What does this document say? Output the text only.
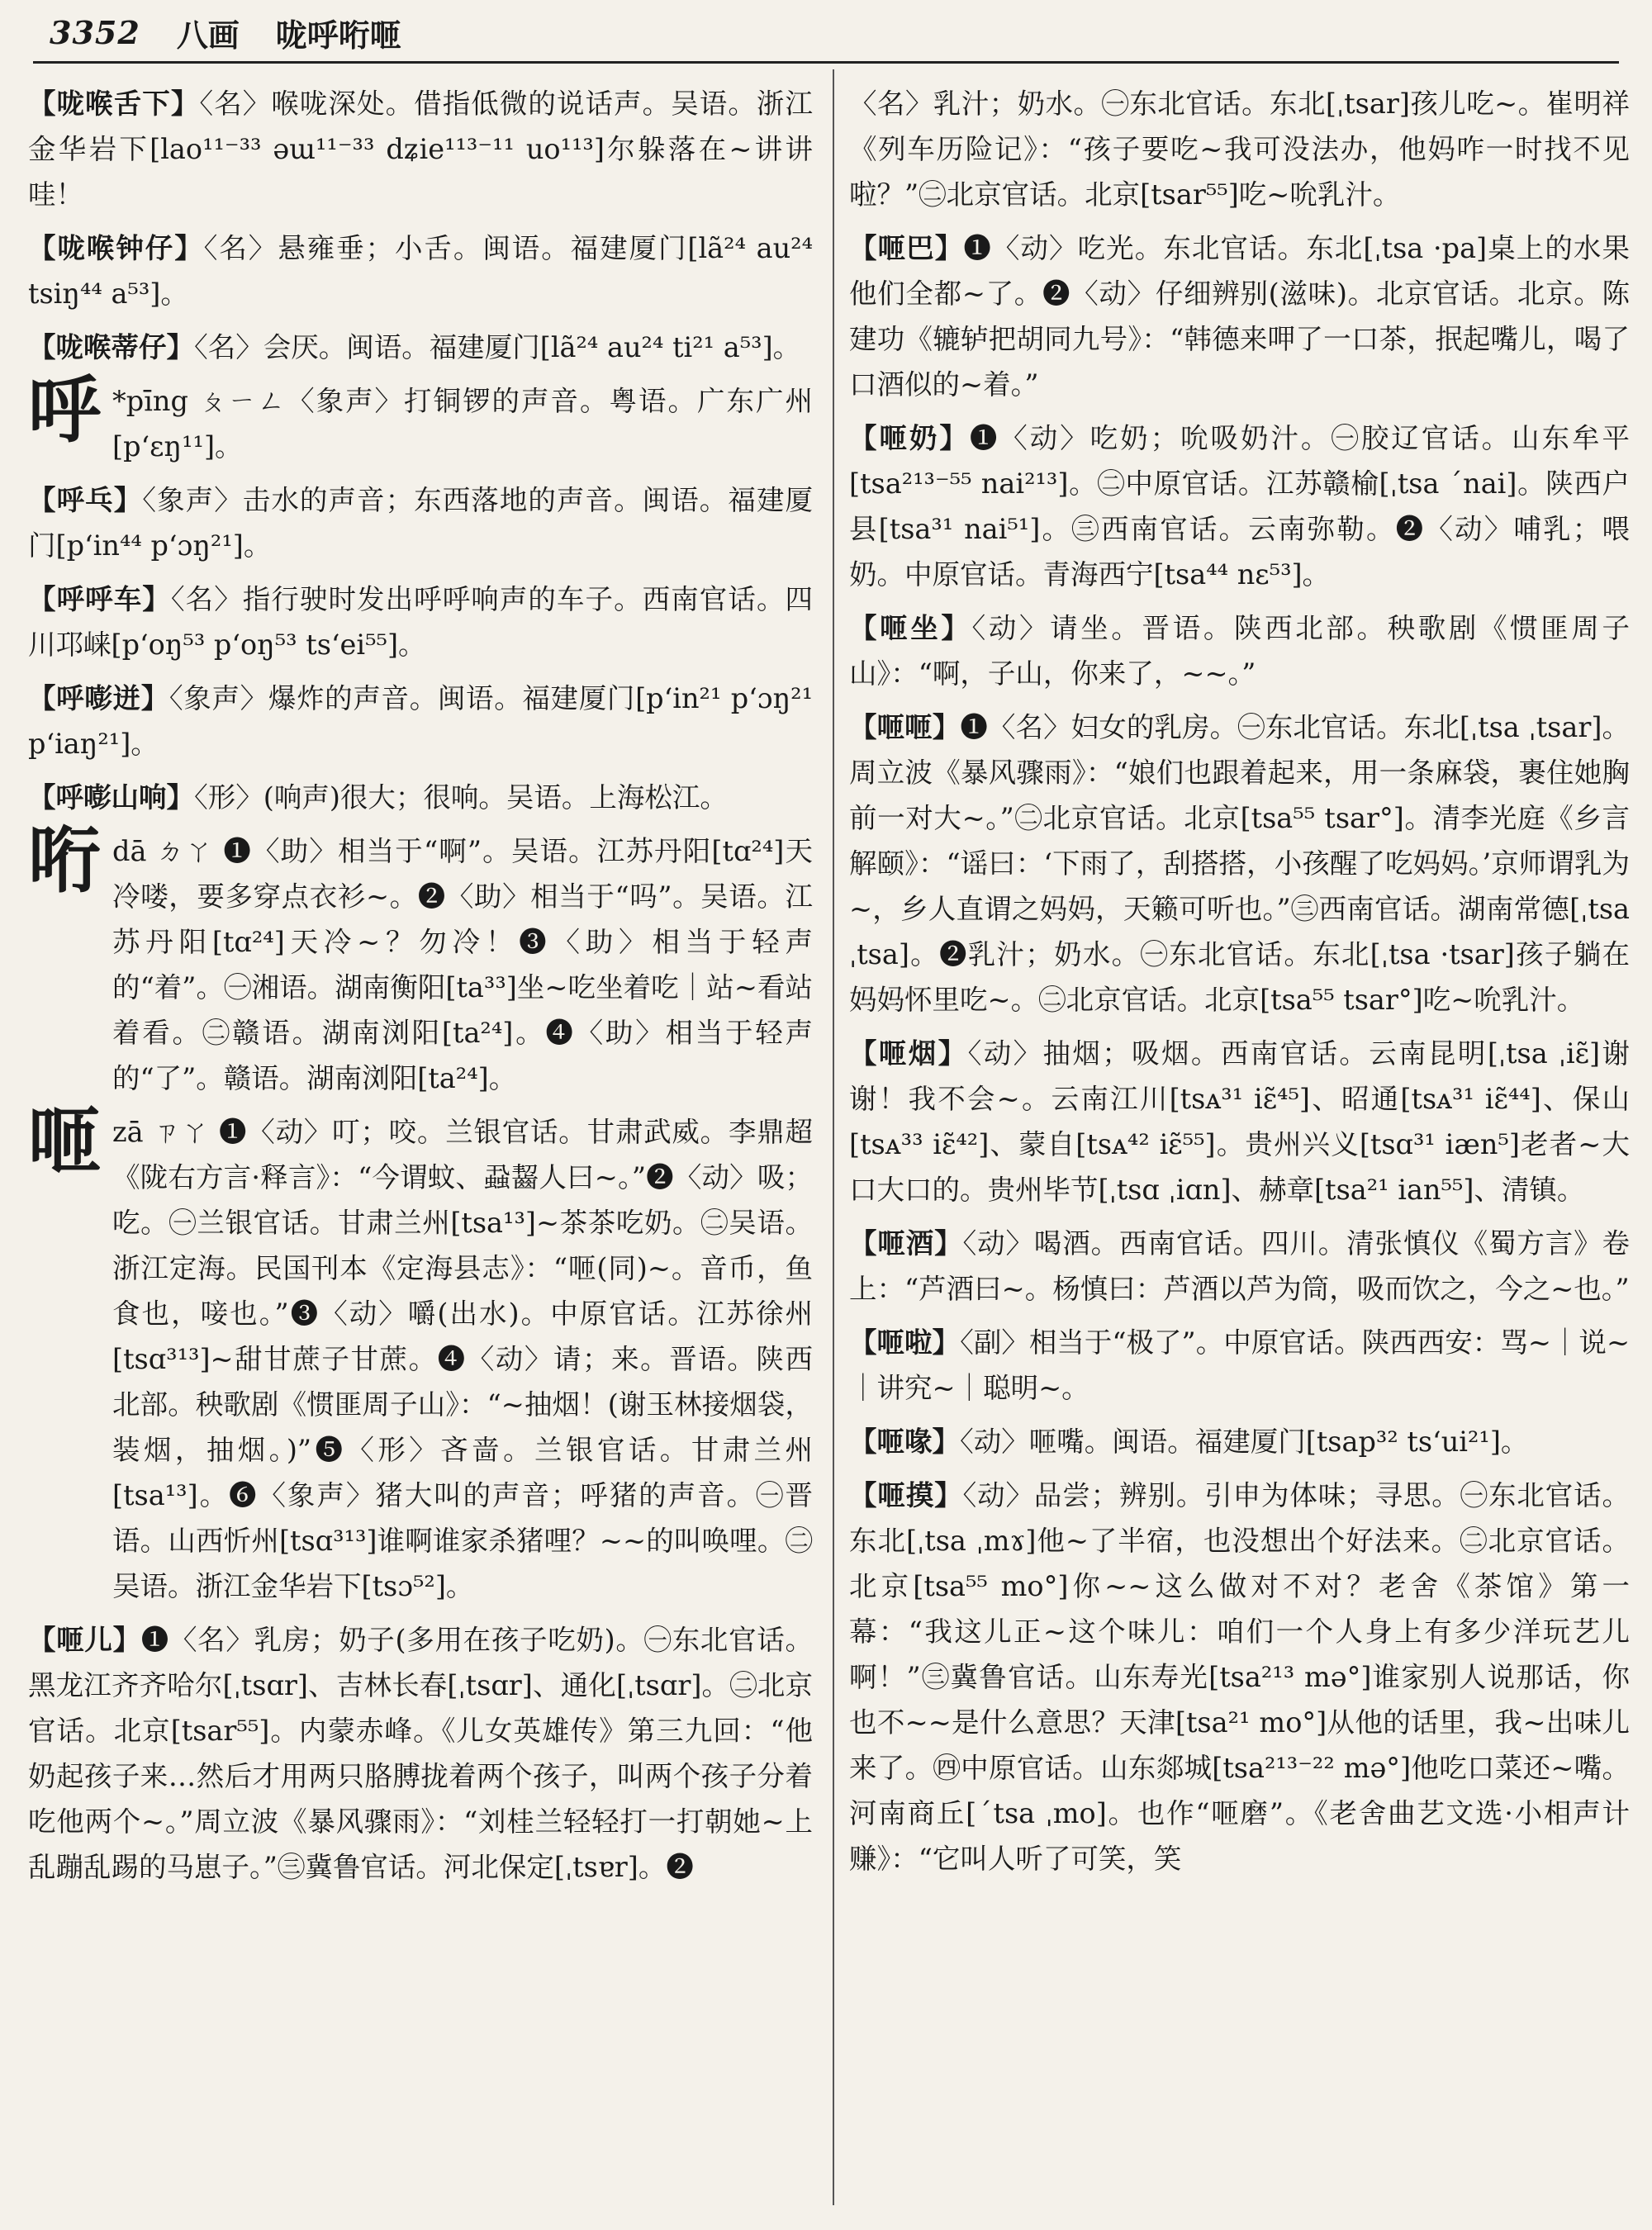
3352 八画 咙呼哘咂
【咙喉舌下】〈名〉喉咙深处。借指低微的说话声。吴语。浙江金华岩下[lao¹¹⁻³³ əɯ¹¹⁻³³ dʑie¹¹³⁻¹¹ uo¹¹³]尔躲落在~讲讲哇！
【咙喉钟仔】〈名〉悬雍垂；小舌。闽语。福建厦门[lã²⁴ au²⁴ tsiŋ⁴⁴ a⁵³]。
【咙喉蒂仔】〈名〉会厌。闽语。福建厦门[lã²⁴ au²⁴ ti²¹ a⁵³]。
呼 *pīng ㄆㄧㄥ〈象声〉打铜锣的声音。粤语。广东广州[pʻɛŋ¹¹]。
【呼乓】〈象声〉击水的声音；东西落地的声音。闽语。福建厦门[pʻin⁴⁴ pʻɔŋ²¹]。
【呼呼车】〈名〉指行驶时发出呼呼响声的车子。西南官话。四川邛崃[pʻoŋ⁵³ pʻoŋ⁵³ tsʻei⁵⁵]。
【呼嘭迸】〈象声〉爆炸的声音。闽语。福建厦门[pʻin²¹ pʻɔŋ²¹ pʻiaŋ²¹]。
【呼嘭山响】〈形〉(响声)很大；很响。吴语。上海松江。
哘 dā ㄉㄚ ❶〈助〉相当于“啊”。吴语。江苏丹阳[tɑ²⁴]天冷喽，要多穿点衣衫~。❷〈助〉相当于“吗”。吴语。江苏丹阳[tɑ²⁴]天冷~？勿冷！❸〈助〉相当于轻声的“着”。㊀湘语。湖南衡阳[ta³³]坐~吃坐着吃｜站~看站着看。㊁赣语。湖南浏阳[ta²⁴]。❹〈助〉相当于轻声的“了”。赣语。湖南浏阳[ta²⁴]。
咂 zā ㄗㄚ ❶〈动〉叮；咬。兰银官话。甘肃武威。李鼎超《陇右方言·释言》：“今谓蚊、蝨齧人曰~。”❷〈动〉吸；吃。㊀兰银官话。甘肃兰州[tsa¹³]~茶茶吃奶。㊁吴语。浙江定海。民国刊本《定海县志》：“咂(同)~。音币，鱼食也，唼也。”❸〈动〉嚼(出水)。中原官话。江苏徐州[tsɑ³¹³]~甜甘蔗子甘蔗。❹〈动〉请；来。晋语。陕西北部。秧歌剧《惯匪周子山》：“~抽烟！(谢玉林接烟袋，装烟，抽烟。)”❺〈形〉吝啬。兰银官话。甘肃兰州[tsa¹³]。❻〈象声〉猪大叫的声音；呼猪的声音。㊀晋语。山西忻州[tsɑ³¹³]谁啊谁家杀猪哩？~~的叫唤哩。㊁吴语。浙江金华岩下[tsɔ⁵²]。
【咂儿】❶〈名〉乳房；奶子(多用在孩子吃奶)。㊀东北官话。黑龙江齐齐哈尔[ˌtsɑr]、吉林长春[ˌtsɑr]、通化[ˌtsɑr]。㊁北京官话。北京[tsar⁵⁵]。内蒙赤峰。《儿女英雄传》第三九回：“他奶起孩子来…然后才用两只胳膊拢着两个孩子，叫两个孩子分着吃他两个~。”周立波《暴风骤雨》：“刘桂兰轻轻打一打朝她~上乱蹦乱踢的马崽子。”㊂冀鲁官话。河北保定[ˌtsɐr]。❷
〈名〉乳汁；奶水。㊀东北官话。东北[ˌtsar]孩儿吃~。崔明祥《列车历险记》：“孩子要吃~我可没法办，他妈咋一时找不见啦？”㊁北京官话。北京[tsar⁵⁵]吃~吮乳汁。
【咂巴】❶〈动〉吃光。东北官话。东北[ˌtsa ·pa]桌上的水果他们全都~了。❷〈动〉仔细辨别(滋味)。北京官话。北京。陈建功《辘轳把胡同九号》：“韩德来呷了一口茶，抿起嘴儿，喝了口酒似的~着。”
【咂奶】❶〈动〉吃奶；吮吸奶汁。㊀胶辽官话。山东牟平[tsa²¹³⁻⁵⁵ nai²¹³]。㊁中原官话。江苏赣榆[ˌtsa ˊnai]。陕西户县[tsa³¹ nai⁵¹]。㊂西南官话。云南弥勒。❷〈动〉哺乳；喂奶。中原官话。青海西宁[tsa⁴⁴ nɛ⁵³]。
【咂坐】〈动〉请坐。晋语。陕西北部。秧歌剧《惯匪周子山》：“啊，子山，你来了，~~。”
【咂咂】❶〈名〉妇女的乳房。㊀东北官话。东北[ˌtsa ˌtsar]。周立波《暴风骤雨》：“娘们也跟着起来，用一条麻袋，裹住她胸前一对大~。”㊁北京官话。北京[tsa⁵⁵ tsar°]。清李光庭《乡言解颐》：“谣曰：‘下雨了，刮搭搭，小孩醒了吃妈妈。’京师谓乳为~，乡人直谓之妈妈，天籁可听也。”㊂西南官话。湖南常德[ˌtsa ˌtsa]。❷乳汁；奶水。㊀东北官话。东北[ˌtsa ·tsar]孩子躺在妈妈怀里吃~。㊁北京官话。北京[tsa⁵⁵ tsar°]吃~吮乳汁。
【咂烟】〈动〉抽烟；吸烟。西南官话。云南昆明[ˌtsa ˌiɛ̃]谢谢！我不会~。云南江川[tsᴀ³¹ iɛ̃⁴⁵]、昭通[tsᴀ³¹ iɛ̃⁴⁴]、保山[tsᴀ³³ iɛ̃⁴²]、蒙自[tsᴀ⁴² iɛ̃⁵⁵]。贵州兴义[tsɑ³¹ iæn⁵]老者~大口大口的。贵州毕节[ˌtsɑ ˌiɑn]、赫章[tsa²¹ ian⁵⁵]、清镇。
【咂酒】〈动〉喝酒。西南官话。四川。清张慎仪《蜀方言》卷上：“芦酒曰~。杨慎曰：芦酒以芦为筒，吸而饮之，今之~也。”
【咂啦】〈副〉相当于“极了”。中原官话。陕西西安：骂~｜说~｜讲究~｜聪明~。
【咂喙】〈动〉咂嘴。闽语。福建厦门[tsap³² tsʻui²¹]。
【咂摸】〈动〉品尝；辨别。引申为体味；寻思。㊀东北官话。东北[ˌtsa ˌmɤ]他~了半宿，也没想出个好法来。㊁北京官话。北京[tsa⁵⁵ mo°]你~~这么做对不对？老舍《茶馆》第一幕：“我这儿正~这个味儿：咱们一个人身上有多少洋玩艺儿啊！”㊂冀鲁官话。山东寿光[tsa²¹³ mə°]谁家别人说那话，你也不~~是什么意思？天津[tsa²¹ mo°]从他的话里，我~出味儿来了。㊃中原官话。山东郯城[tsa²¹³⁻²² mə°]他吃口菜还~嘴。河南商丘[ˊtsa ˌmo]。也作“咂磨”。《老舍曲艺文选·小相声计赚》：“它叫人听了可笑，笑
